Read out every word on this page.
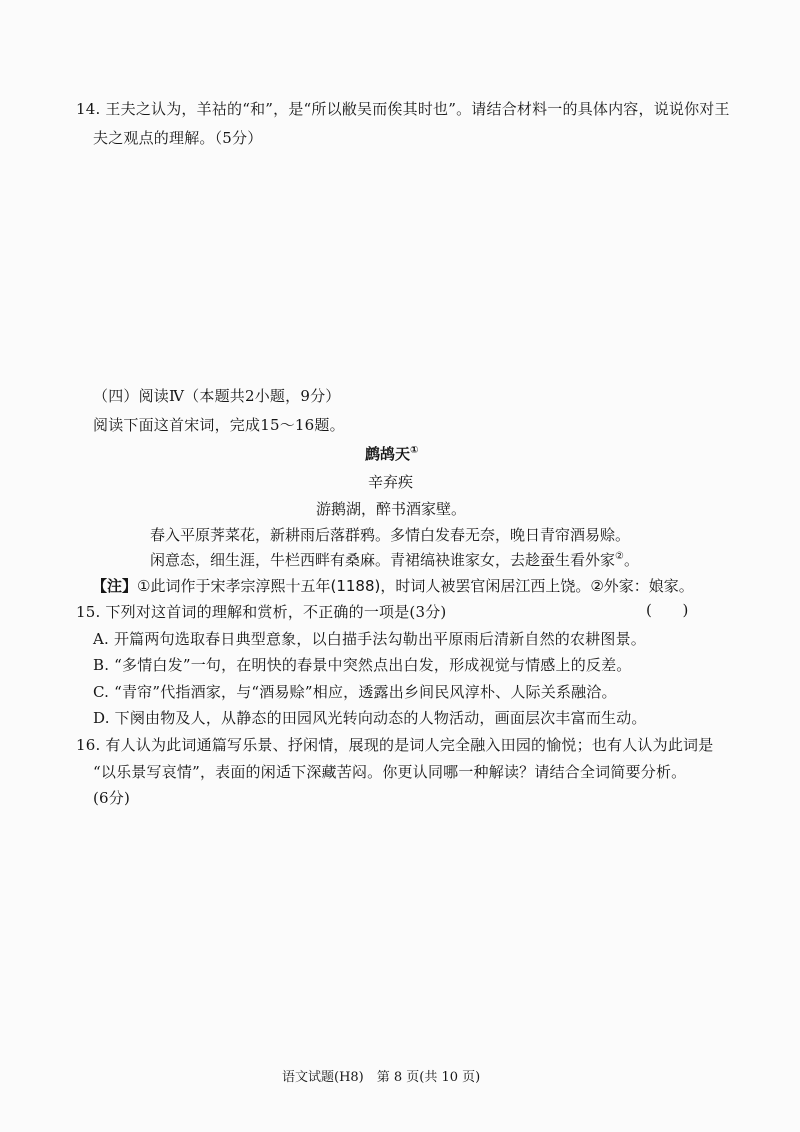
14. 王夫之认为，羊祜的“和”，是“所以敝吴而俟其时也”。请结合材料一的具体内容，说说你对王
夫之观点的理解。（5分）
（四）阅读Ⅳ（本题共2小题，9分）
阅读下面这首宋词，完成15～16题。
鹧鸪天①
辛弃疾
游鹅湖，醉书酒家壁。
春入平原荠菜花，新耕雨后落群鸦。多情白发春无奈，晚日青帘酒易赊。
闲意态，细生涯，牛栏西畔有桑麻。青裙缟袂谁家女，去趁蚕生看外家②。
【注】①此词作于宋孝宗淳熙十五年(1188)，时词人被罢官闲居江西上饶。②外家：娘家。
15. 下列对这首词的理解和赏析，不正确的一项是(3分)	(　　)
A. 开篇两句选取春日典型意象，以白描手法勾勒出平原雨后清新自然的农耕图景。
B. “多情白发”一句，在明快的春景中突然点出白发，形成视觉与情感上的反差。
C. “青帘”代指酒家，与“酒易赊”相应，透露出乡间民风淳朴、人际关系融洽。
D. 下阕由物及人，从静态的田园风光转向动态的人物活动，画面层次丰富而生动。
16. 有人认为此词通篇写乐景、抒闲情，展现的是词人完全融入田园的愉悦；也有人认为此词是
“以乐景写哀情”，表面的闲适下深藏苦闷。你更认同哪一种解读？请结合全词简要分析。
(6分)
语文试题(H8)　第 8 页(共 10 页)
